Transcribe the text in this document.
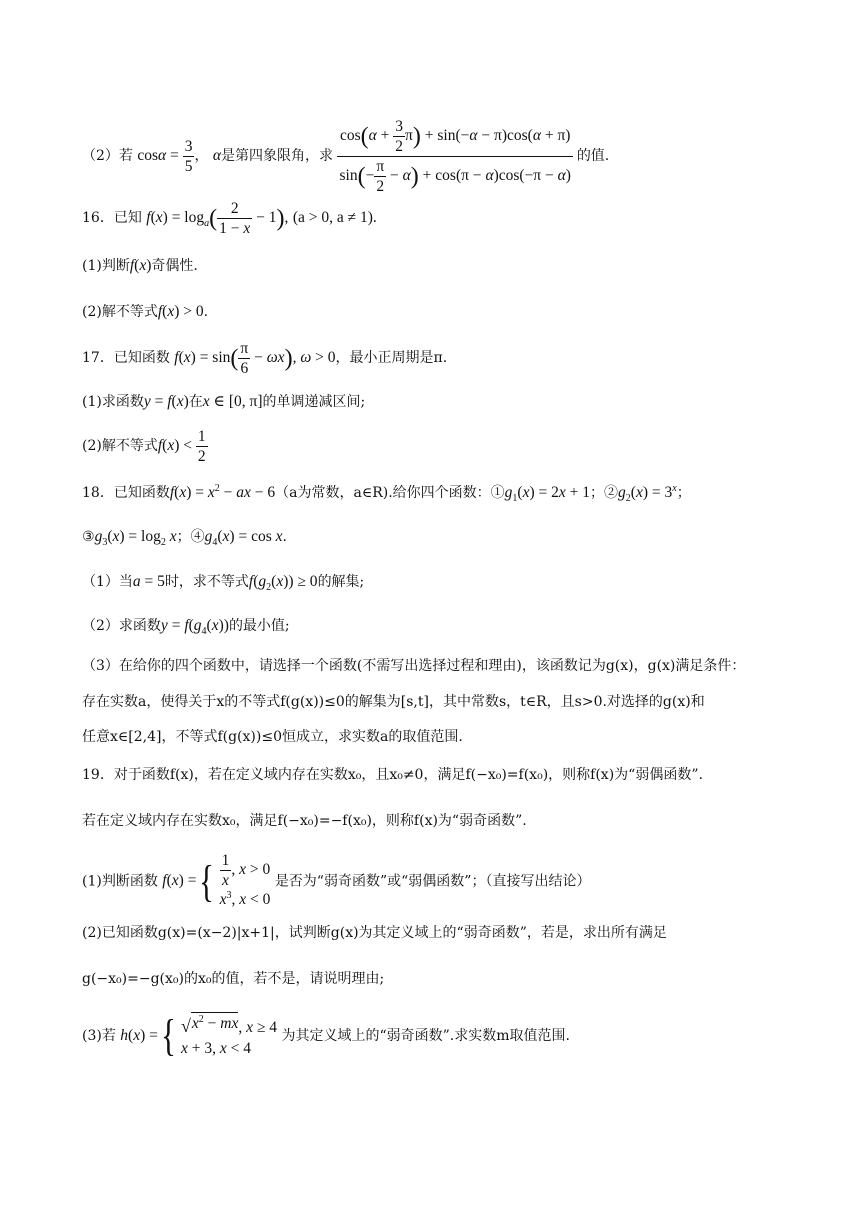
（2）若 $\cos\alpha = \frac{3}{5}$ ， α是第四象限角，求 $\frac{\cos(\alpha + \frac{3}{2} \pi) + \sin(-\alpha - \pi)\cos(\alpha + \pi)}{\sin(- \frac{\pi}{2} - \alpha) + \cos(\pi - \alpha)\cos(-\pi - \alpha)}$ 的值.
16．已知 $f(x) = \log_a( \frac{2}{1 - x} - 1)$, (a > 0, a ≠ 1).
(1)判断f(x)奇偶性.
(2)解不等式f(x) > 0.
17．已知函数 $f(x) = \sin( \frac{\pi}{6} - \omega x)$, ω > 0，最小正周期是π.
(1)求函数y = f(x)在x ∈ [0, π]的单调递减区间;
(2)解不等式$f(x) < \frac{1}{2}$
18．已知函数$f(x) = x^2$ − ax − 6（a为常数，a∈R).给你四个函数：$①g_1(x) = 2x + 1$；$②g_2(x) = 3^x$；
$③g_3(x) = \log_2 x$；$④g_4(x) = \cos x$.
（1）当a = 5时，求不等式$f(g_2(x)) \ge 0$的解集;
（2）求函数$y = f(g_4(x))$的最小值;
（3）在给你的四个函数中，请选择一个函数(不需写出选择过程和理由)，该函数记为g(x)，g(x)满足条件：
存在实数a，使得关于x的不等式f(g(x))≤0的解集为[s,t]，其中常数s，t∈R，且s>0.对选择的g(x)和
任意x∈[2,4]，不等式f(g(x))≤0恒成立，求实数a的取值范围.
19．对于函数f(x)，若在定义域内存在实数x₀，且x₀≠0，满足f(−x₀)=f(x₀)，则称f(x)为“弱偶函数”.
若在定义域内存在实数x₀，满足f(−x₀)=−f(x₀)，则称f(x)为“弱奇函数”.
(1)判断函数 f ( x ) = { $\frac{1}{x}$ , x > 0
$x^3$, x < 0
是否为“弱奇函数”或“弱偶函数”；（直接写出结论）
(2)已知函数g(x)=(x−2)|x+1|，试判断g(x)为其定义域上的“弱奇函数”，若是，求出所有满足
g(−x₀)=−g(x₀)的x₀的值，若不是，请说明理由;
(3)若 h ( x ) = { √ $x^2$ − mx , x ≥ 4
x + 3, x < 4
为其定义域上的“弱奇函数”.求实数m取值范围.
